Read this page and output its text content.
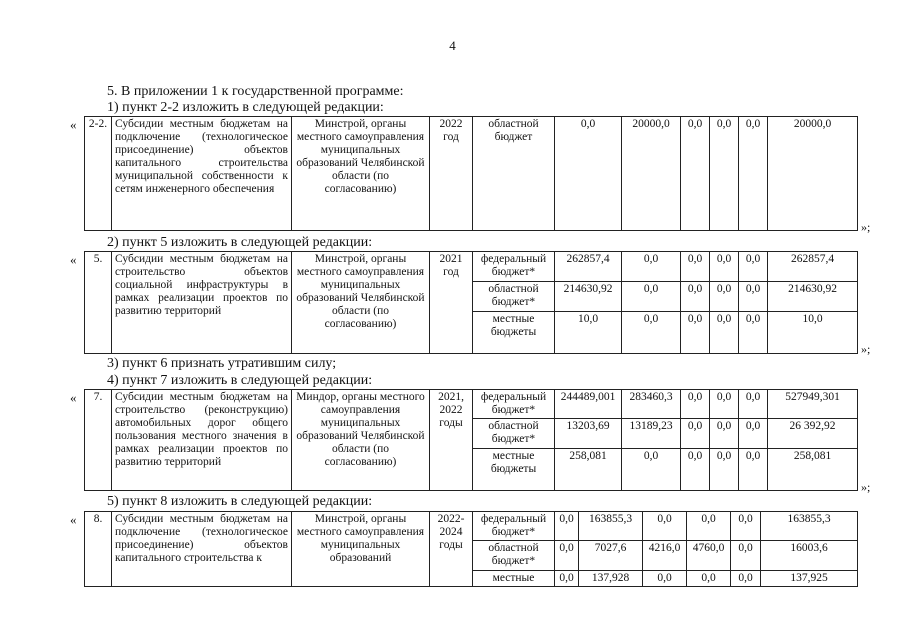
4
5. В приложении 1 к государственной программе:
1) пункт 2-2 изложить в следующей редакции:
« 2-2.	Субсидии местным бюджетам на подключение (технологическое присоединение) объектов капитального строительства муниципальной собственности к сетям инженерного обеспечения	Минстрой, органы местного самоуправления муниципальных образований Челябинской области (по согласованию)	2022 год	областной бюджет	0,0	20000,0	0,0	0,0	0,0	20000,0
»;
2) пункт 5 изложить в следующей редакции:
« 5.	Субсидии местным бюджетам на строительство объектов социальной инфраструктуры в рамках реализации проектов по развитию территорий	Минстрой, органы местного самоуправления муниципальных образований Челябинской области (по согласованию)	2021 год	федеральный бюджет*	262857,4	0,0	0,0	0,0	0,0	262857,4
				областной бюджет*	214630,92	0,0	0,0	0,0	0,0	214630,92
				местные бюджеты	10,0	0,0	0,0	0,0	0,0	10,0
»;
3) пункт 6 признать утратившим силу;
4) пункт 7 изложить в следующей редакции:
« 7.	Субсидии местным бюджетам на строительство (реконструкцию) автомобильных дорог общего пользования местного значения в рамках реализации проектов по развитию территорий	Миндор, органы местного самоуправления муниципальных образований Челябинской области (по согласованию)	2021, 2022 годы	федеральный бюджет*	244489,001	283460,3	0,0	0,0	0,0	527949,301
				областной бюджет*	13203,69	13189,23	0,0	0,0	0,0	26 392,92
				местные бюджеты	258,081	0,0	0,0	0,0	0,0	258,081
»;
5) пункт 8 изложить в следующей редакции:
« 8.	Субсидии местным бюджетам на подключение (технологическое присоединение) объектов капитального строительства к	Минстрой, органы местного самоуправления муниципальных образований	2022-2024 годы	федеральный бюджет*	0,0	163855,3	0,0	0,0	0,0	163855,3
				областной бюджет*	0,0	7027,6	4216,0	4760,0	0,0	16003,6
				местные	0,0	137,928	0,0	0,0	0,0	137,925
